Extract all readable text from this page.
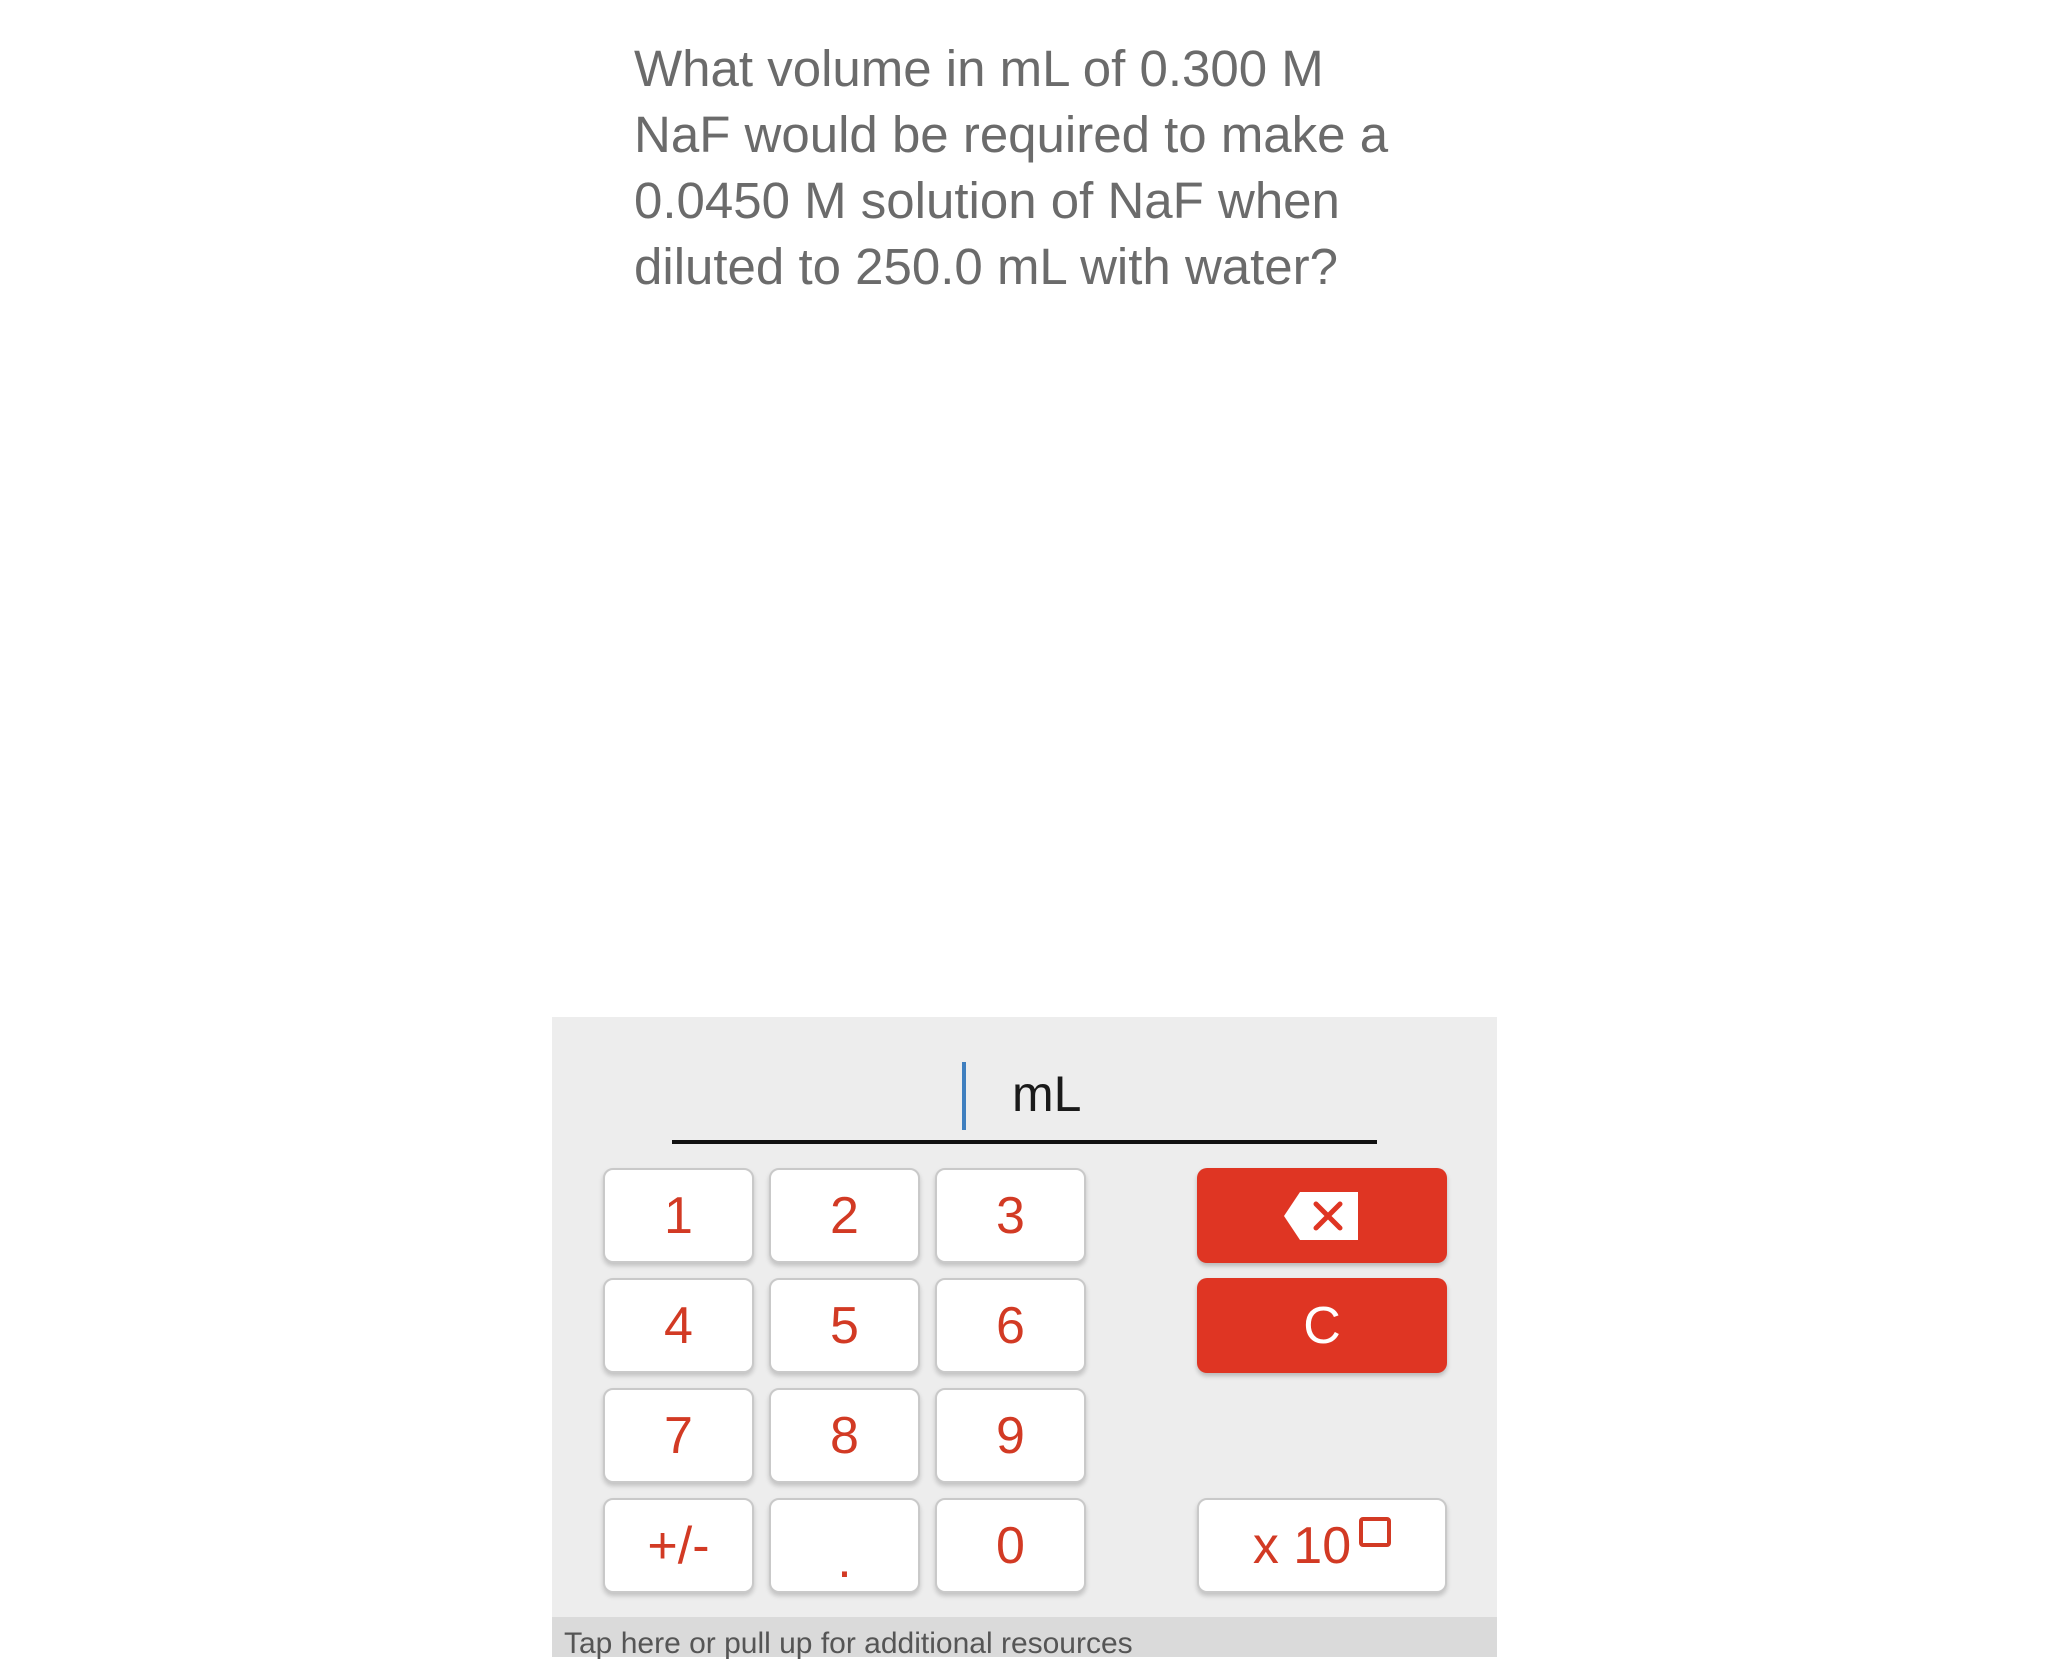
What volume in mL of 0.300 M
NaF would be required to make a
0.0450 M solution of NaF when
diluted to 250.0 mL with water?
mL
1	2	3
4	5	6
7	8	9
+/-	.	0
C
x 10
Tap here or pull up for additional resources
